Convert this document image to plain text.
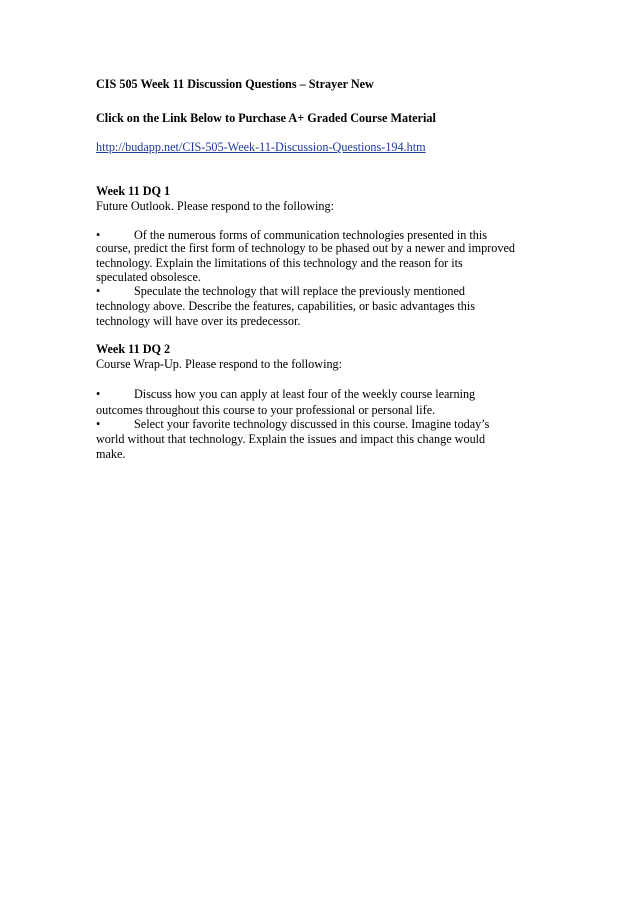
CIS 505 Week 11 Discussion Questions – Strayer New
Click on the Link Below to Purchase A+ Graded Course Material
http://budapp.net/CIS-505-Week-11-Discussion-Questions-194.htm
Week 11 DQ 1
Future Outlook. Please respond to the following:
•	Of the numerous forms of communication technologies presented in this
course, predict the first form of technology to be phased out by a newer and improved
technology. Explain the limitations of this technology and the reason for its
speculated obsolesce.
•	Speculate the technology that will replace the previously mentioned
technology above. Describe the features, capabilities, or basic advantages this
technology will have over its predecessor.
Week 11 DQ 2
Course Wrap-Up. Please respond to the following:
•	Discuss how you can apply at least four of the weekly course learning
outcomes throughout this course to your professional or personal life.
•	Select your favorite technology discussed in this course. Imagine today’s
world without that technology. Explain the issues and impact this change would
make.
